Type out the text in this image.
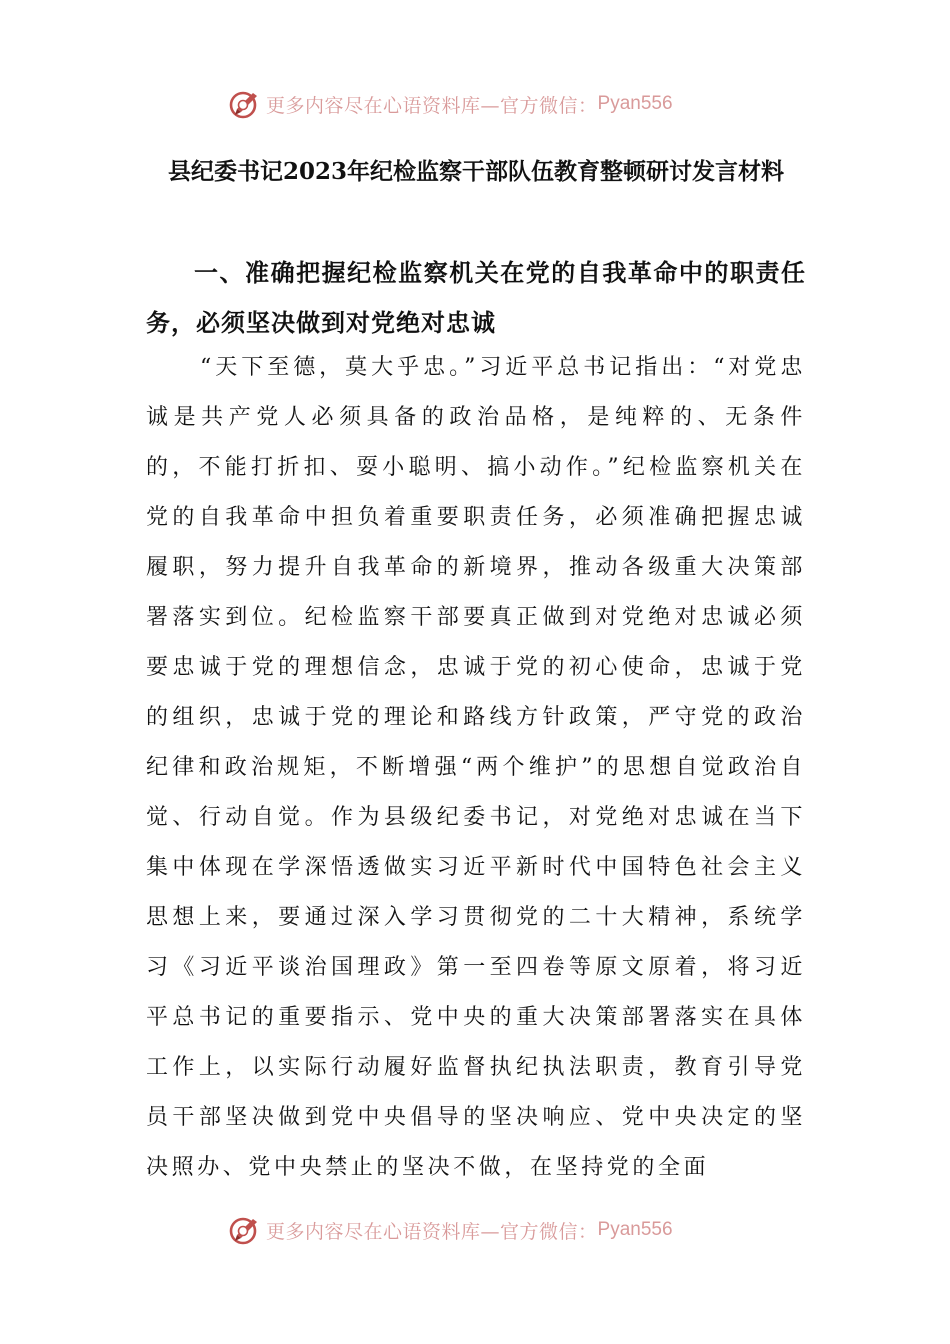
更多内容尽在心语资料库—官方微信： Pyan556
县纪委书记2023年纪检监察干部队伍教育整顿研讨发言材料
一、准确把握纪检监察机关在党的自我革命中的职责任务，必须坚决做到对党绝对忠诚

“天下至德，莫大乎忠。”习近平总书记指出：“对党忠诚是共产党人必须具备的政治品格，是纯粹的、无条件的，不能打折扣、耍小聪明、搞小动作。”纪检监察机关在党的自我革命中担负着重要职责任务，必须准确把握忠诚履职，努力提升自我革命的新境界，推动各级重大决策部署落实到位。纪检监察干部要真正做到对党绝对忠诚必须要忠诚于党的理想信念，忠诚于党的初心使命，忠诚于党的组织，忠诚于党的理论和路线方针政策，严守党的政治纪律和政治规矩，不断增强“两个维护”的思想自觉政治自觉、行动自觉。作为县级纪委书记，对党绝对忠诚在当下集中体现在学深悟透做实习近平新时代中国特色社会主义思想上来，要通过深入学习贯彻党的二十大精神，系统学习《习近平谈治国理政》第一至四卷等原文原着，将习近平总书记的重要指示、党中央的重大决策部署落实在具体工作上，以实际行动履好监督执纪执法职责，教育引导党员干部坚决做到党中央倡导的坚决响应、党中央决定的坚决照办、党中央禁止的坚决不做，在坚持党的全面

更多内容尽在心语资料库—官方微信： Pyan556
